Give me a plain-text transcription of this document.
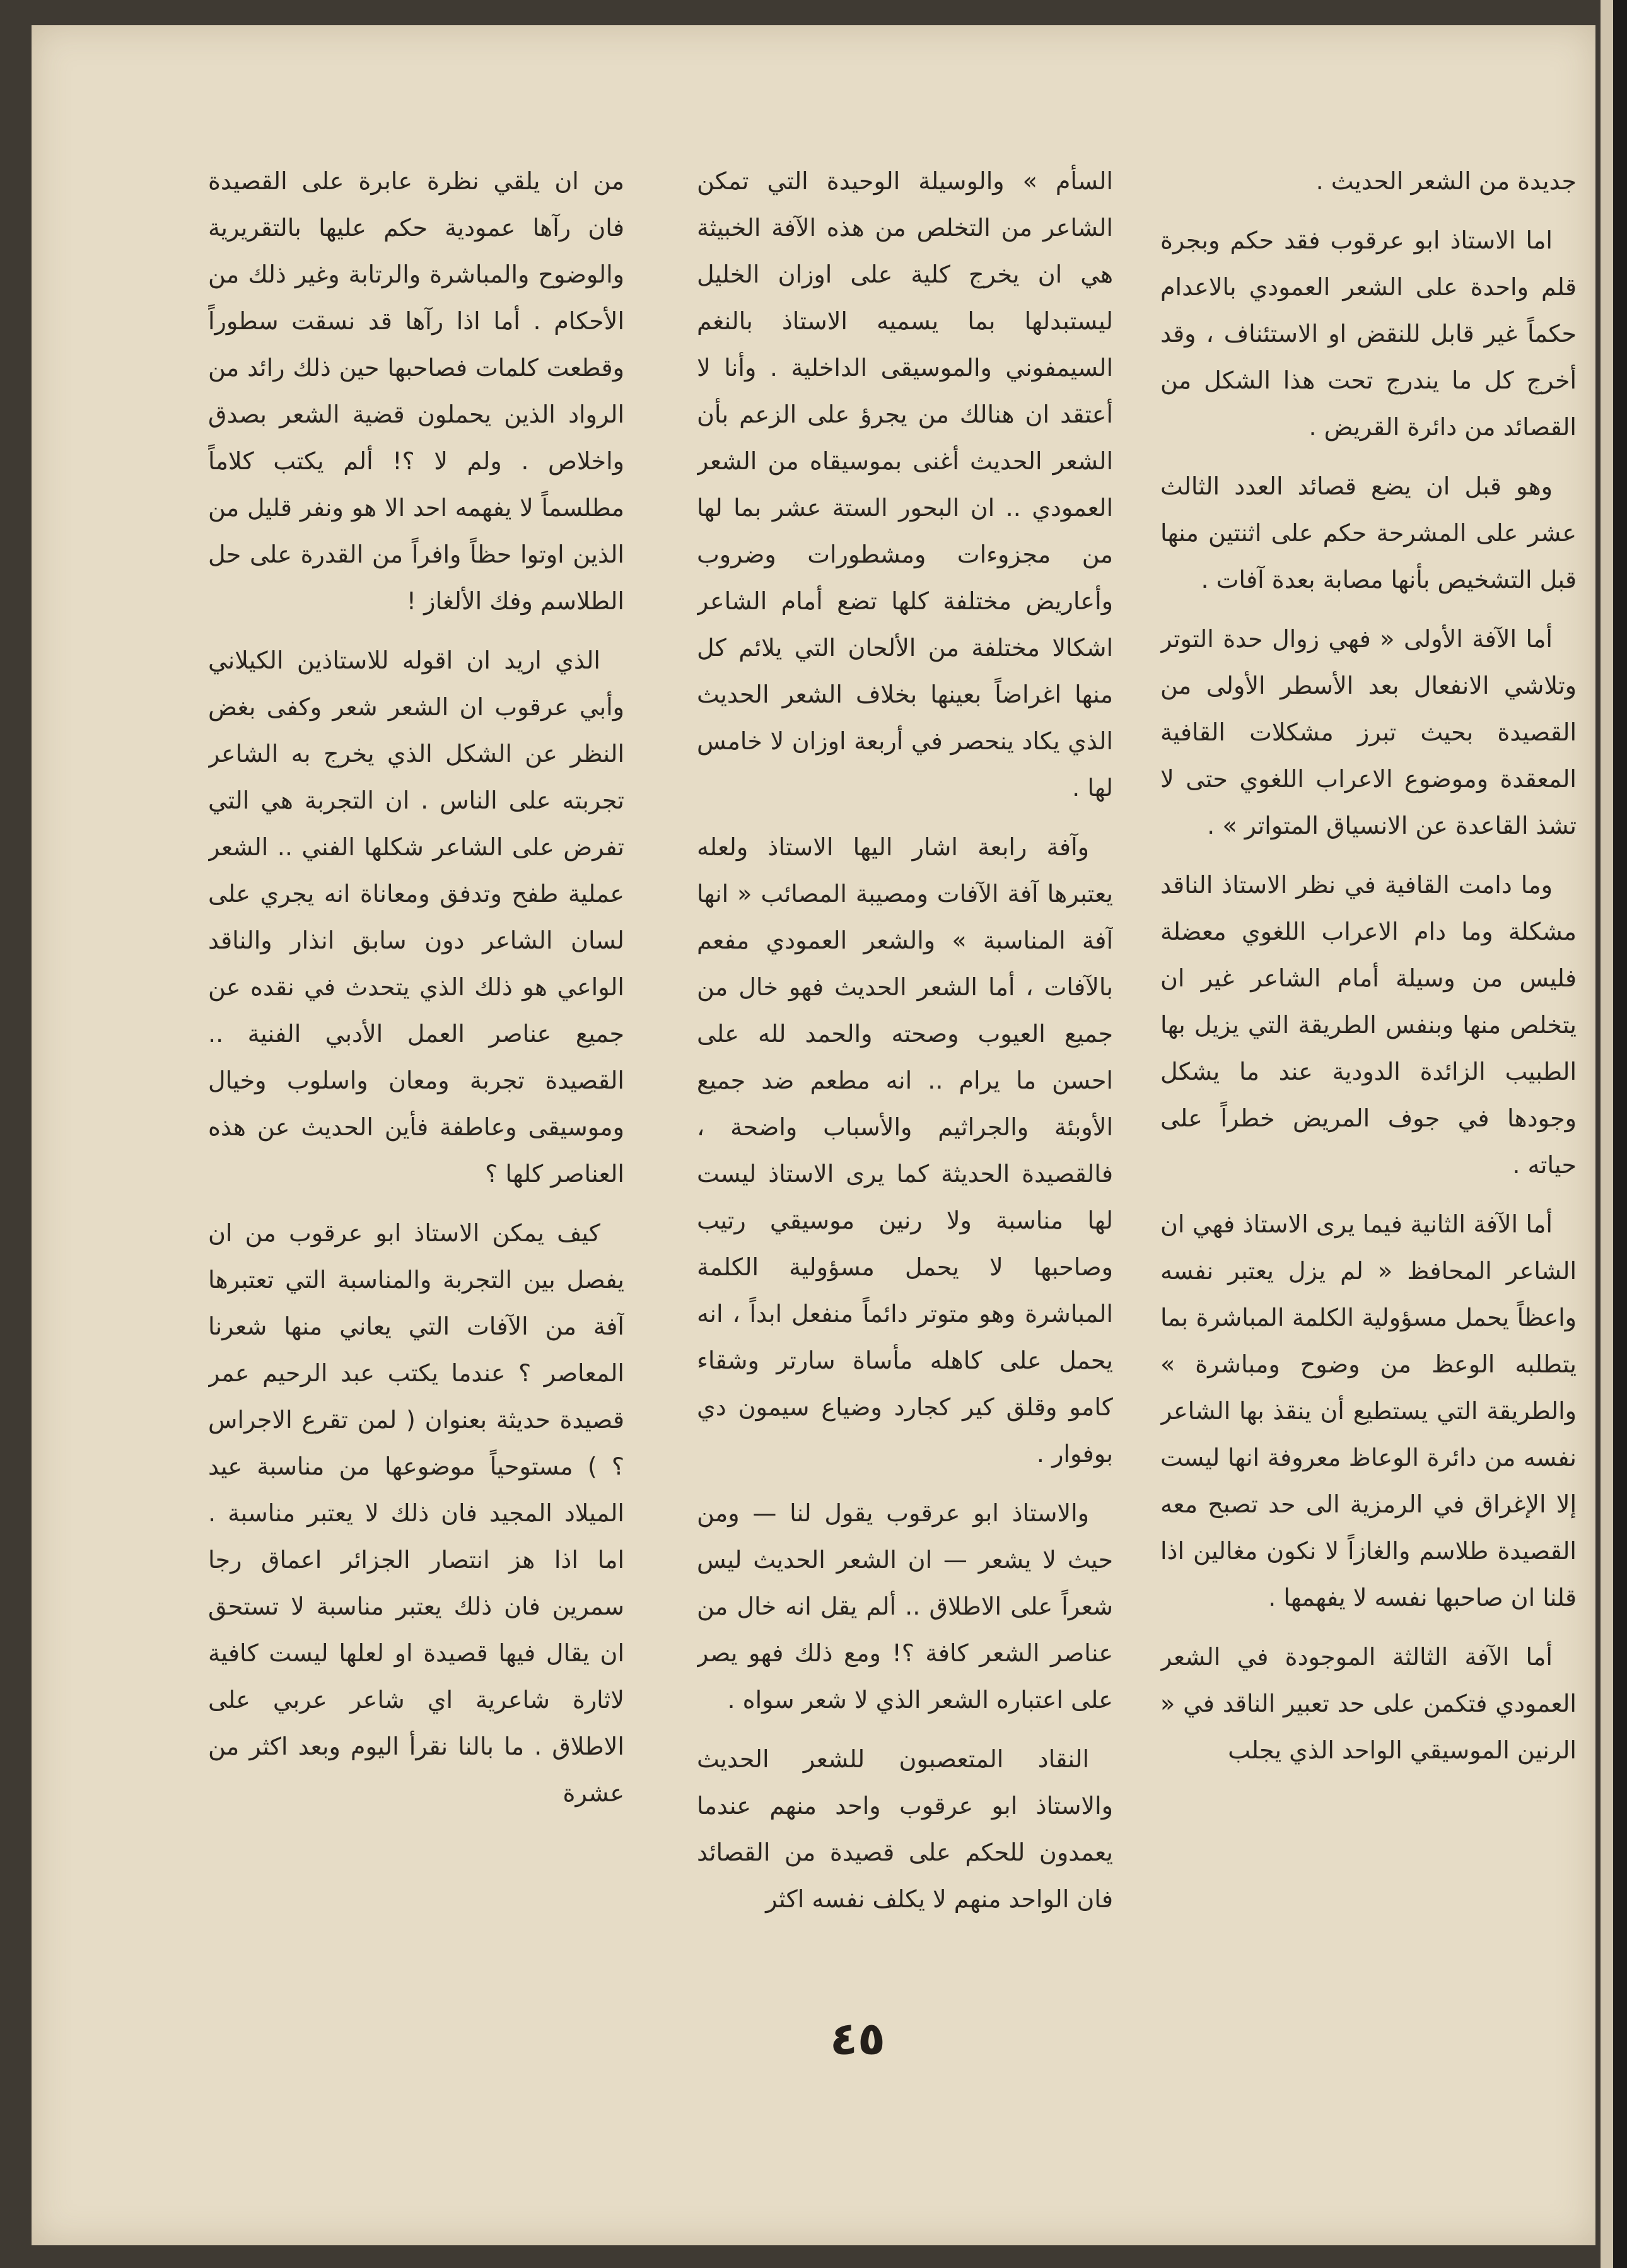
جديدة من الشعر الحديث .

اما الاستاذ ابو عرقوب فقد حكم وبجرة قلم واحدة على الشعر العمودي بالاعدام حكماً غير قابل للنقض او الاستئناف ، وقد أخرج كل ما يندرج تحت هذا الشكل من القصائد من دائرة القريض .

وهو قبل ان يضع قصائد العدد الثالث عشر على المشرحة حكم على اثنتين منها قبل التشخيص بأنها مصابة بعدة آفات .

أما الآفة الأولى « فهي زوال حدة التوتر وتلاشي الانفعال بعد الأسطر الأولى من القصيدة بحيث تبرز مشكلات القافية المعقدة وموضوع الاعراب اللغوي حتى لا تشذ القاعدة عن الانسياق المتواتر » .

وما دامت القافية في نظر الاستاذ الناقد مشكلة وما دام الاعراب اللغوي معضلة فليس من وسيلة أمام الشاعر غير ان يتخلص منها وبنفس الطريقة التي يزيل بها الطبيب الزائدة الدودية عند ما يشكل وجودها في جوف المريض خطراً على حياته .

أما الآفة الثانية فيما يرى الاستاذ فهي ان الشاعر المحافظ « لم يزل يعتبر نفسه واعظاً يحمل مسؤولية الكلمة المباشرة بما يتطلبه الوعظ من وضوح ومباشرة » والطريقة التي يستطيع أن ينقذ بها الشاعر نفسه من دائرة الوعاظ معروفة انها ليست إلا الإغراق في الرمزية الى حد تصبح معه القصيدة طلاسم والغازاً لا نكون مغالين اذا قلنا ان صاحبها نفسه لا يفهمها .

أما الآفة الثالثة الموجودة في الشعر العمودي فتكمن على حد تعبير الناقد في « الرنين الموسيقي الواحد الذي يجلب

السأم » والوسيلة الوحيدة التي تمكن الشاعر من التخلص من هذه الآفة الخبيثة هي ان يخرج كلية على اوزان الخليل ليستبدلها بما يسميه الاستاذ بالنغم السيمفوني والموسيقى الداخلية . وأنا لا أعتقد ان هنالك من يجرؤ على الزعم بأن الشعر الحديث أغنى بموسيقاه من الشعر العمودي .. ان البحور الستة عشر بما لها من مجزوءات ومشطورات وضروب وأعاريض مختلفة كلها تضع أمام الشاعر اشكالا مختلفة من الألحان التي يلائم كل منها اغراضاً بعينها بخلاف الشعر الحديث الذي يكاد ينحصر في أربعة اوزان لا خامس لها .

وآفة رابعة اشار اليها الاستاذ ولعله يعتبرها آفة الآفات ومصيبة المصائب « انها آفة المناسبة » والشعر العمودي مفعم بالآفات ، أما الشعر الحديث فهو خال من جميع العيوب وصحته والحمد لله على احسن ما يرام .. انه مطعم ضد جميع الأوبئة والجراثيم والأسباب واضحة ، فالقصيدة الحديثة كما يرى الاستاذ ليست لها مناسبة ولا رنين موسيقي رتيب وصاحبها لا يحمل مسؤولية الكلمة المباشرة وهو متوتر دائماً منفعل ابداً ، انه يحمل على كاهله مأساة سارتر وشقاء كامو وقلق كير كجارد وضياع سيمون دي بوفوار .

والاستاذ ابو عرقوب يقول لنا — ومن حيث لا يشعر — ان الشعر الحديث ليس شعراً على الاطلاق .. ألم يقل انه خال من عناصر الشعر كافة ؟! ومع ذلك فهو يصر على اعتباره الشعر الذي لا شعر سواه .

النقاد المتعصبون للشعر الحديث والاستاذ ابو عرقوب واحد منهم عندما يعمدون للحكم على قصيدة من القصائد فان الواحد منهم لا يكلف نفسه اكثر

من ان يلقي نظرة عابرة على القصيدة فان رآها عمودية حكم عليها بالتقريرية والوضوح والمباشرة والرتابة وغير ذلك من الأحكام . أما اذا رآها قد نسقت سطوراً وقطعت كلمات فصاحبها حين ذلك رائد من الرواد الذين يحملون قضية الشعر بصدق واخلاص . ولم لا ؟! ألم يكتب كلاماً مطلسماً لا يفهمه احد الا هو ونفر قليل من الذين اوتوا حظاً وافراً من القدرة على حل الطلاسم وفك الألغاز !

الذي اريد ان اقوله للاستاذين الكيلاني وأبي عرقوب ان الشعر شعر وكفى بغض النظر عن الشكل الذي يخرج به الشاعر تجربته على الناس . ان التجربة هي التي تفرض على الشاعر شكلها الفني .. الشعر عملية طفح وتدفق ومعاناة انه يجري على لسان الشاعر دون سابق انذار والناقد الواعي هو ذلك الذي يتحدث في نقده عن جميع عناصر العمل الأدبي الفنية .. القصيدة تجربة ومعان واسلوب وخيال وموسيقى وعاطفة فأين الحديث عن هذه العناصر كلها ؟

كيف يمكن الاستاذ ابو عرقوب من ان يفصل بين التجربة والمناسبة التي تعتبرها آفة من الآفات التي يعاني منها شعرنا المعاصر ؟ عندما يكتب عبد الرحيم عمر قصيدة حديثة بعنوان ( لمن تقرع الاجراس ؟ ) مستوحياً موضوعها من مناسبة عيد الميلاد المجيد فان ذلك لا يعتبر مناسبة . اما اذا هز انتصار الجزائر اعماق رجا سمرين فان ذلك يعتبر مناسبة لا تستحق ان يقال فيها قصيدة او لعلها ليست كافية لاثارة شاعرية اي شاعر عربي على الاطلاق . ما بالنا نقرأ اليوم وبعد اكثر من عشرة

٤٥
